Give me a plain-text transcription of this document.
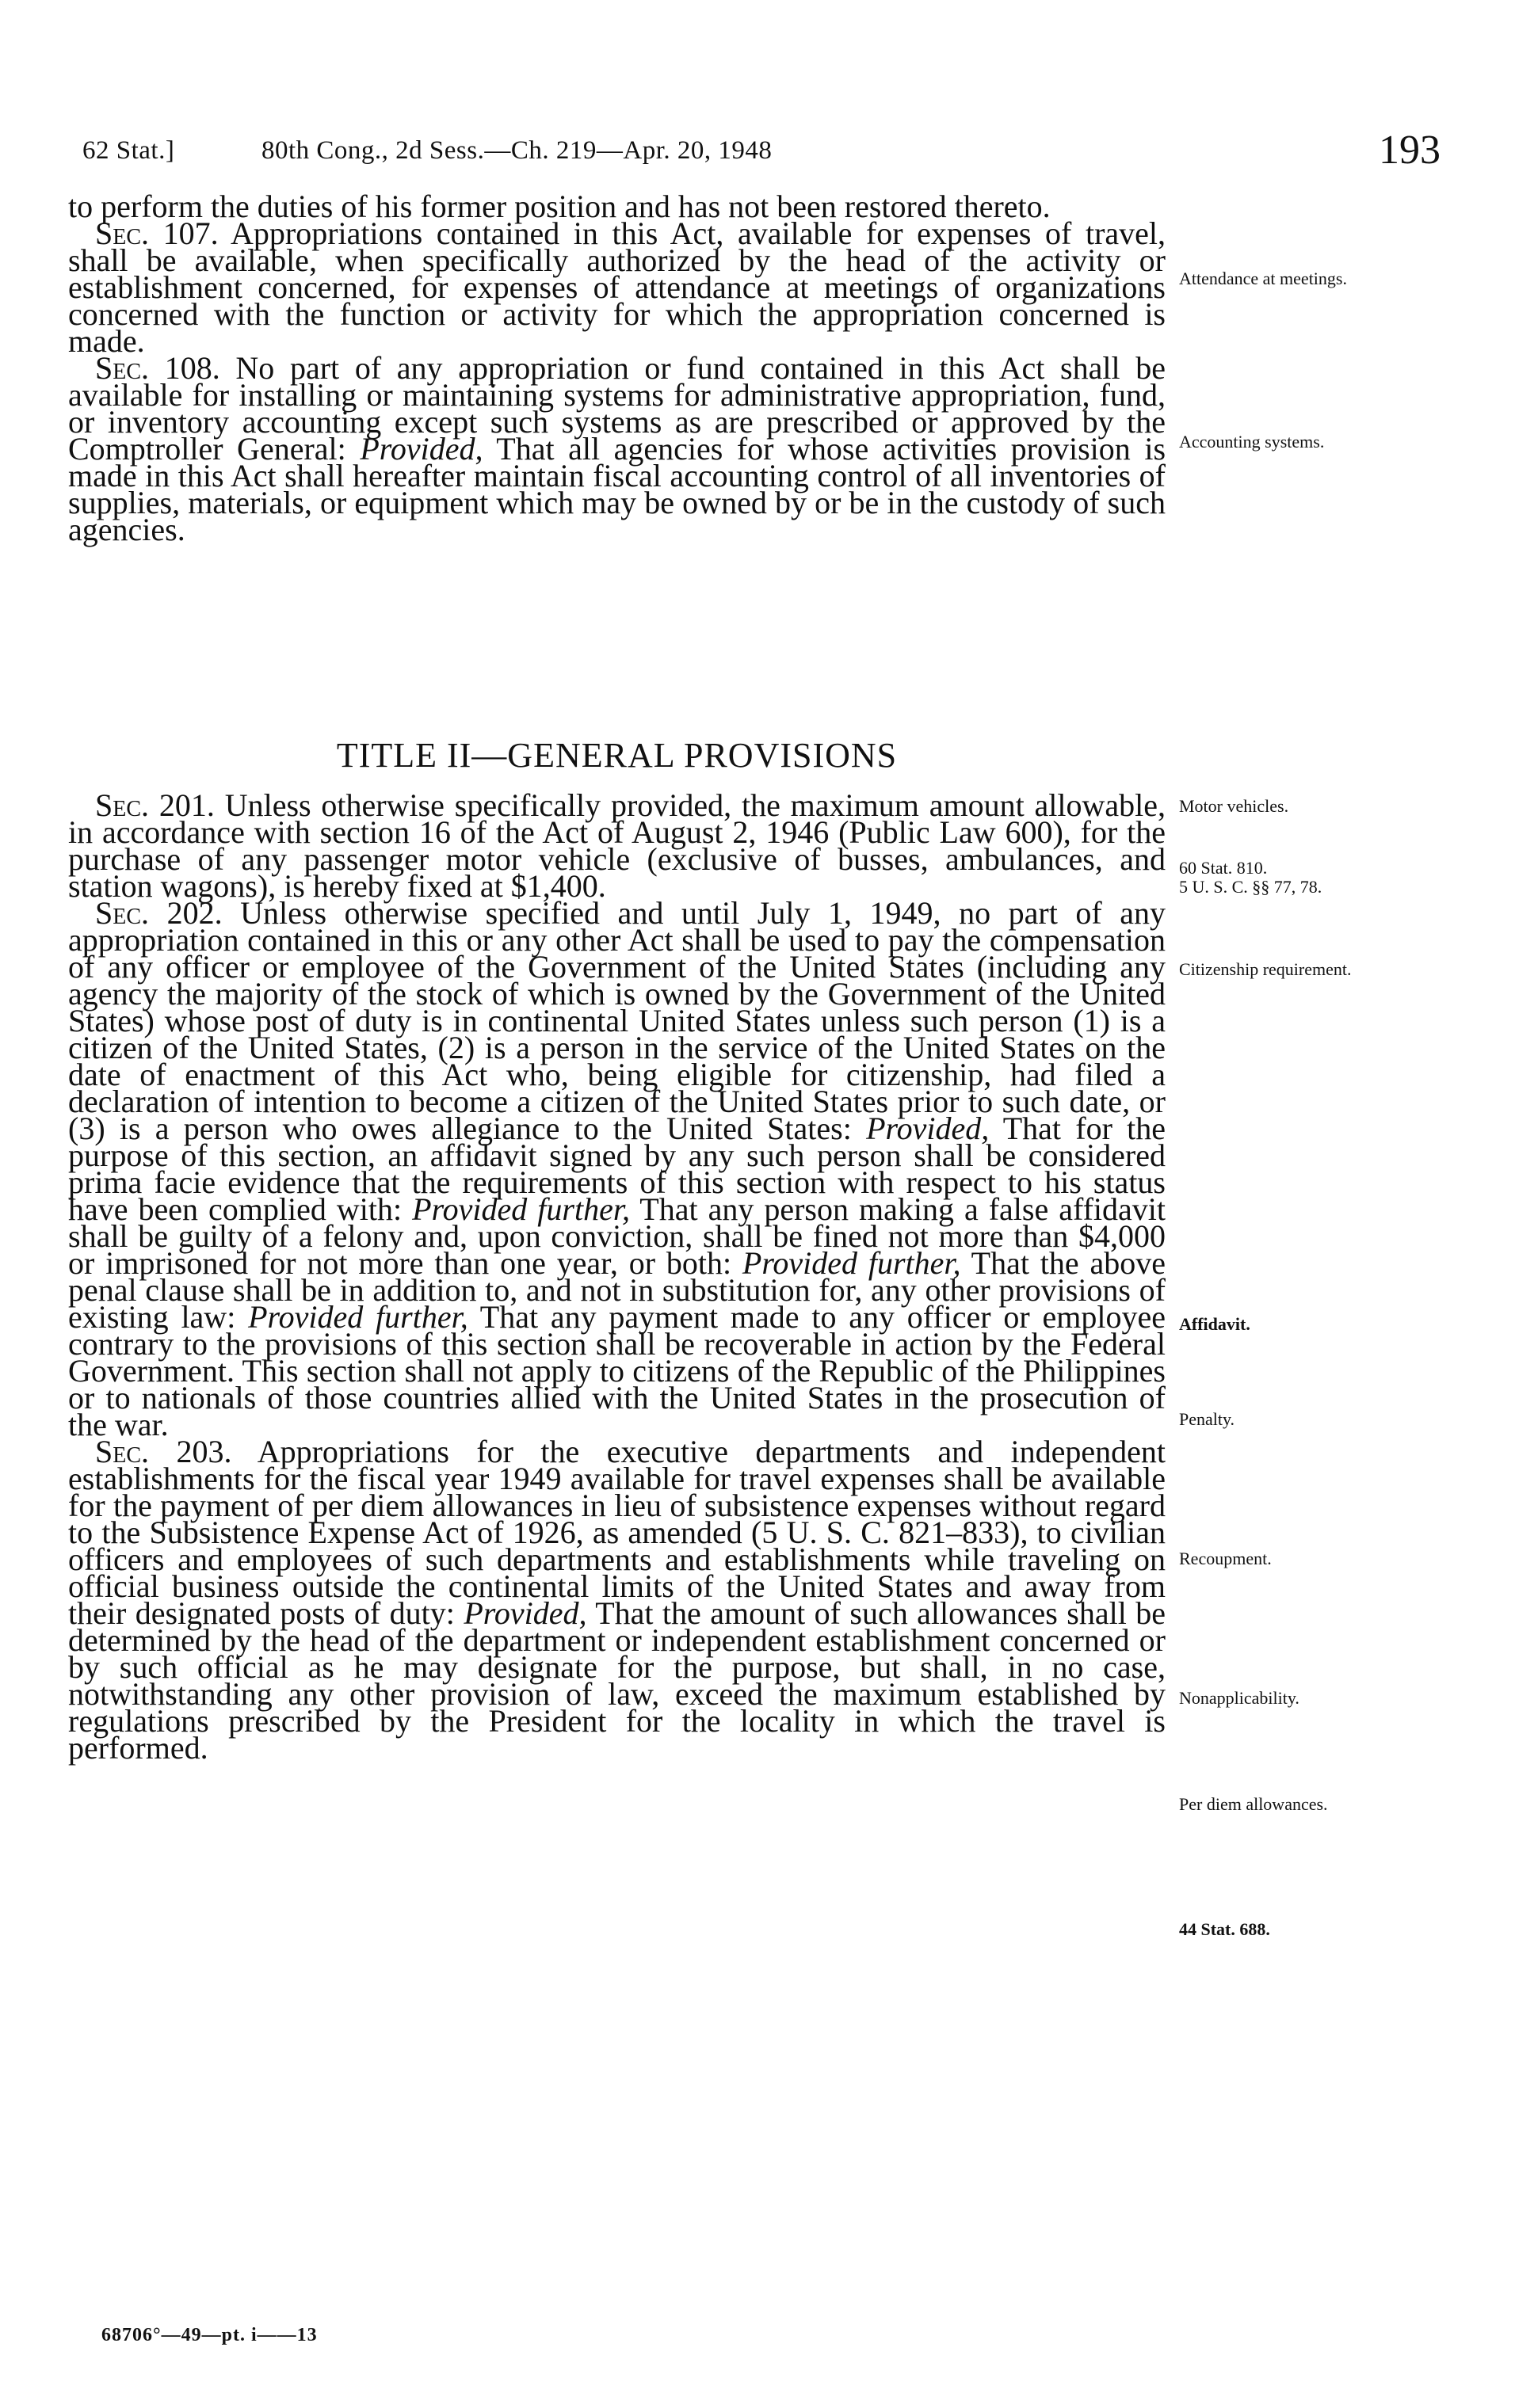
62 Stat.]	80th Cong., 2d Sess.—Ch. 219—Apr. 20, 1948	193

to perform the duties of his former position and has not been restored thereto.

Sec. 107. Appropriations contained in this Act, available for expenses of travel, shall be available, when specifically authorized by the head of the activity or establishment concerned, for expenses of attendance at meetings of organizations concerned with the function or activity for which the appropriation concerned is made.

Sec. 108. No part of any appropriation or fund contained in this Act shall be available for installing or maintaining systems for administrative appropriation, fund, or inventory accounting except such systems as are prescribed or approved by the Comptroller General: Provided, That all agencies for whose activities provision is made in this Act shall hereafter maintain fiscal accounting control of all inventories of supplies, materials, or equipment which may be owned by or be in the custody of such agencies.

TITLE II—GENERAL PROVISIONS

Sec. 201. Unless otherwise specifically provided, the maximum amount allowable, in accordance with section 16 of the Act of August 2, 1946 (Public Law 600), for the purchase of any passenger motor vehicle (exclusive of busses, ambulances, and station wagons), is hereby fixed at $1,400.

Sec. 202. Unless otherwise specified and until July 1, 1949, no part of any appropriation contained in this or any other Act shall be used to pay the compensation of any officer or employee of the Government of the United States (including any agency the majority of the stock of which is owned by the Government of the United States) whose post of duty is in continental United States unless such person (1) is a citizen of the United States, (2) is a person in the service of the United States on the date of enactment of this Act who, being eligible for citizenship, had filed a declaration of intention to become a citizen of the United States prior to such date, or (3) is a person who owes allegiance to the United States: Provided, That for the purpose of this section, an affidavit signed by any such person shall be considered prima facie evidence that the requirements of this section with respect to his status have been complied with: Provided further, That any person making a false affidavit shall be guilty of a felony and, upon conviction, shall be fined not more than $4,000 or imprisoned for not more than one year, or both: Provided further, That the above penal clause shall be in addition to, and not in substitution for, any other provisions of existing law: Provided further, That any payment made to any officer or employee contrary to the provisions of this section shall be recoverable in action by the Federal Government. This section shall not apply to citizens of the Republic of the Philippines or to nationals of those countries allied with the United States in the prosecution of the war.

Sec. 203. Appropriations for the executive departments and independent establishments for the fiscal year 1949 available for travel expenses shall be available for the payment of per diem allowances in lieu of subsistence expenses without regard to the Subsistence Expense Act of 1926, as amended (5 U. S. C. 821–833), to civilian officers and employees of such departments and establishments while traveling on official business outside the continental limits of the United States and away from their designated posts of duty: Provided, That the amount of such allowances shall be determined by the head of the department or independent establishment concerned or by such official as he may designate for the purpose, but shall, in no case, notwithstanding any other provision of law, exceed the maximum established by regulations prescribed by the President for the locality in which the travel is performed.

Attendance at meetings.
Accounting systems.
Motor vehicles.
60 Stat. 810.
5 U. S. C. §§ 77, 78.
Citizenship requirement.
Affidavit.
Penalty.
Recoupment.
Nonapplicability.
Per diem allowances.
44 Stat. 688.
68706°—49—pt. i——13
